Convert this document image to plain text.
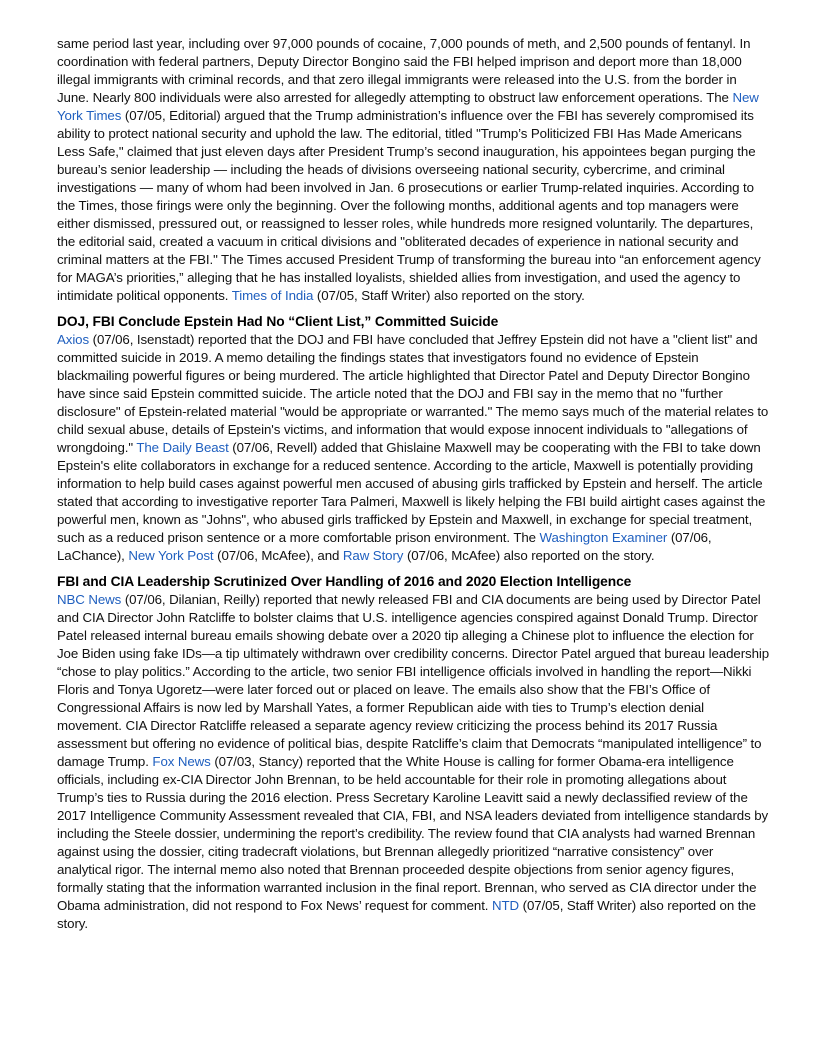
same period last year, including over 97,000 pounds of cocaine, 7,000 pounds of meth, and 2,500 pounds of fentanyl. In coordination with federal partners, Deputy Director Bongino said the FBI helped imprison and deport more than 18,000 illegal immigrants with criminal records, and that zero illegal immigrants were released into the U.S. from the border in June. Nearly 800 individuals were also arrested for allegedly attempting to obstruct law enforcement operations. The New York Times (07/05, Editorial) argued that the Trump administration’s influence over the FBI has severely compromised its ability to protect national security and uphold the law. The editorial, titled "Trump’s Politicized FBI Has Made Americans Less Safe," claimed that just eleven days after President Trump’s second inauguration, his appointees began purging the bureau’s senior leadership — including the heads of divisions overseeing national security, cybercrime, and criminal investigations — many of whom had been involved in Jan. 6 prosecutions or earlier Trump-related inquiries. According to the Times, those firings were only the beginning. Over the following months, additional agents and top managers were either dismissed, pressured out, or reassigned to lesser roles, while hundreds more resigned voluntarily. The departures, the editorial said, created a vacuum in critical divisions and "obliterated decades of experience in national security and criminal matters at the FBI." The Times accused President Trump of transforming the bureau into “an enforcement agency for MAGA’s priorities,” alleging that he has installed loyalists, shielded allies from investigation, and used the agency to intimidate political opponents. Times of India (07/05, Staff Writer) also reported on the story.

DOJ, FBI Conclude Epstein Had No “Client List,” Committed Suicide

Axios (07/06, Isenstadt) reported that the DOJ and FBI have concluded that Jeffrey Epstein did not have a "client list" and committed suicide in 2019. A memo detailing the findings states that investigators found no evidence of Epstein blackmailing powerful figures or being murdered. The article highlighted that Director Patel and Deputy Director Bongino have since said Epstein committed suicide. The article noted that the DOJ and FBI say in the memo that no "further disclosure" of Epstein-related material "would be appropriate or warranted." The memo says much of the material relates to child sexual abuse, details of Epstein's victims, and information that would expose innocent individuals to "allegations of wrongdoing." The Daily Beast (07/06, Revell) added that Ghislaine Maxwell may be cooperating with the FBI to take down Epstein's elite collaborators in exchange for a reduced sentence. According to the article, Maxwell is potentially providing information to help build cases against powerful men accused of abusing girls trafficked by Epstein and herself. The article stated that according to investigative reporter Tara Palmeri, Maxwell is likely helping the FBI build airtight cases against the powerful men, known as "Johns", who abused girls trafficked by Epstein and Maxwell, in exchange for special treatment, such as a reduced prison sentence or a more comfortable prison environment. The Washington Examiner (07/06, LaChance), New York Post (07/06, McAfee), and Raw Story (07/06, McAfee) also reported on the story.

FBI and CIA Leadership Scrutinized Over Handling of 2016 and 2020 Election Intelligence

NBC News (07/06, Dilanian, Reilly) reported that newly released FBI and CIA documents are being used by Director Patel and CIA Director John Ratcliffe to bolster claims that U.S. intelligence agencies conspired against Donald Trump. Director Patel released internal bureau emails showing debate over a 2020 tip alleging a Chinese plot to influence the election for Joe Biden using fake IDs—a tip ultimately withdrawn over credibility concerns. Director Patel argued that bureau leadership “chose to play politics.” According to the article, two senior FBI intelligence officials involved in handling the report—Nikki Floris and Tonya Ugoretz—were later forced out or placed on leave. The emails also show that the FBI’s Office of Congressional Affairs is now led by Marshall Yates, a former Republican aide with ties to Trump’s election denial movement. CIA Director Ratcliffe released a separate agency review criticizing the process behind its 2017 Russia assessment but offering no evidence of political bias, despite Ratcliffe’s claim that Democrats “manipulated intelligence” to damage Trump. Fox News (07/03, Stancy) reported that the White House is calling for former Obama-era intelligence officials, including ex-CIA Director John Brennan, to be held accountable for their role in promoting allegations about Trump’s ties to Russia during the 2016 election. Press Secretary Karoline Leavitt said a newly declassified review of the 2017 Intelligence Community Assessment revealed that CIA, FBI, and NSA leaders deviated from intelligence standards by including the Steele dossier, undermining the report’s credibility. The review found that CIA analysts had warned Brennan against using the dossier, citing tradecraft violations, but Brennan allegedly prioritized “narrative consistency” over analytical rigor. The internal memo also noted that Brennan proceeded despite objections from senior agency figures, formally stating that the information warranted inclusion in the final report. Brennan, who served as CIA director under the Obama administration, did not respond to Fox News’ request for comment. NTD (07/05, Staff Writer) also reported on the story.
